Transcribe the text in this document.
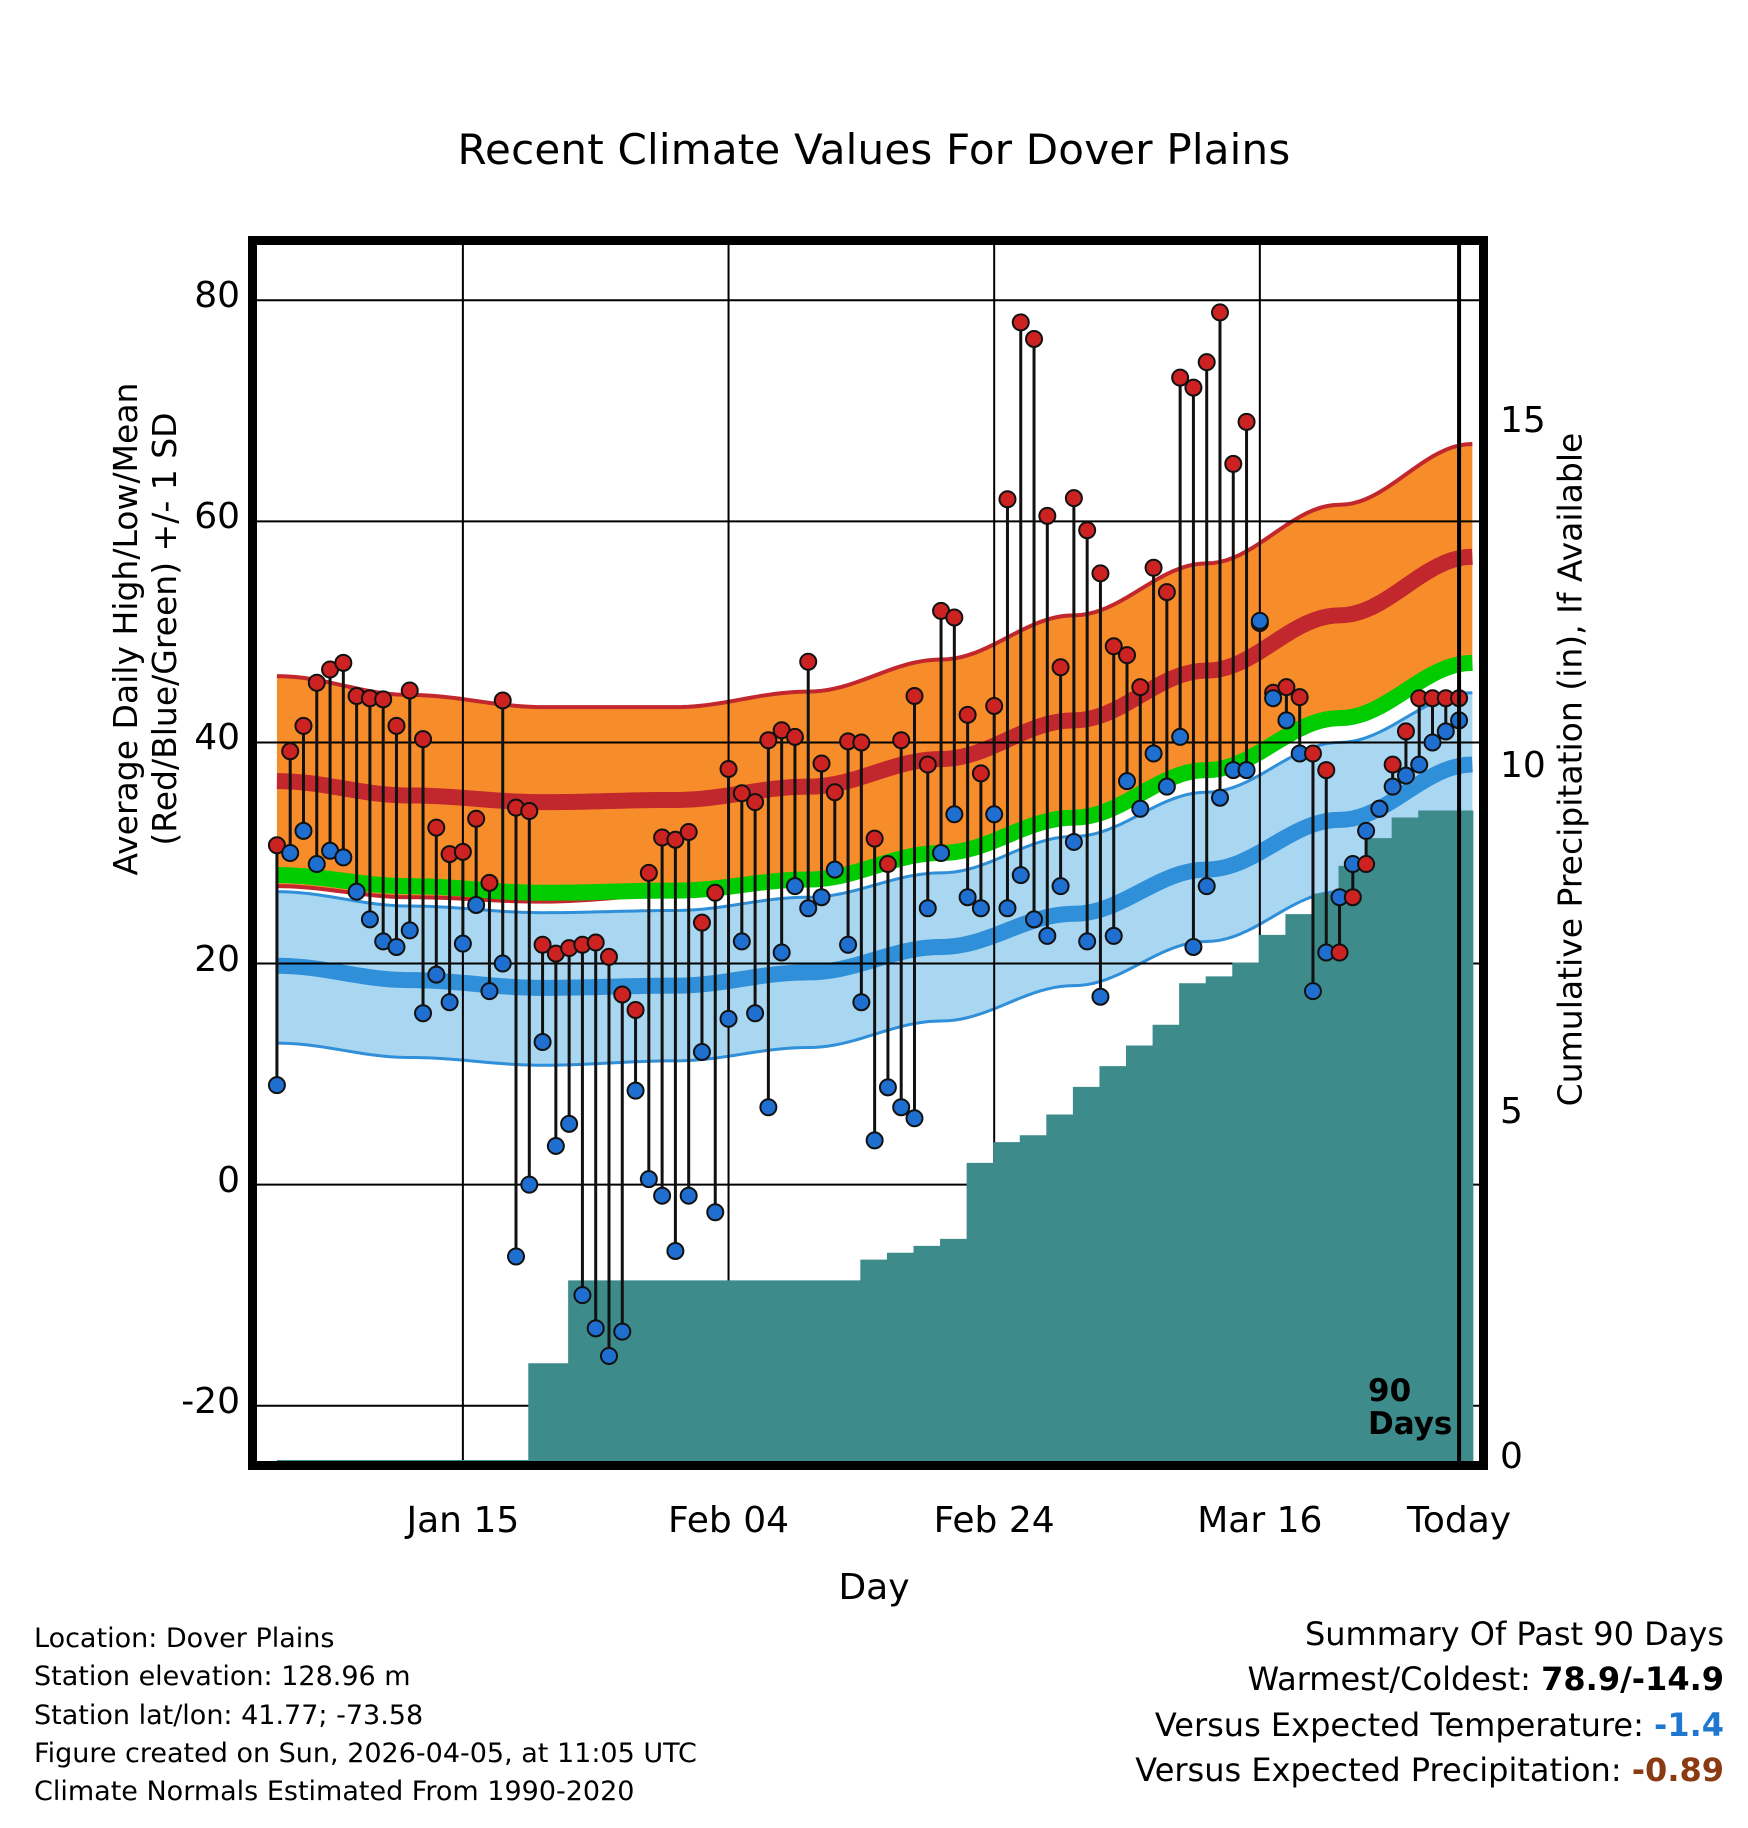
Recent Climate Values For Dover Plains
Average Daily High/Low/Mean (Red/Blue/Green) +/- 1 SD	Cumulative Precipitation (in), If Available
-20
0
20
40
60
80
0
5
10
15
Jan 15	Feb 04	Feb 24	Mar 16	Today
Day
90
Days
Location: Dover Plains
Station elevation: 128.96 m
Station lat/lon: 41.77; -73.58
Figure created on Sun, 2026-04-05, at 11:05 UTC
Climate Normals Estimated From 1990-2020
Summary Of Past 90 Days
Warmest/Coldest: 78.9/-14.9
Versus Expected Temperature: -1.4
Versus Expected Precipitation: -0.89
